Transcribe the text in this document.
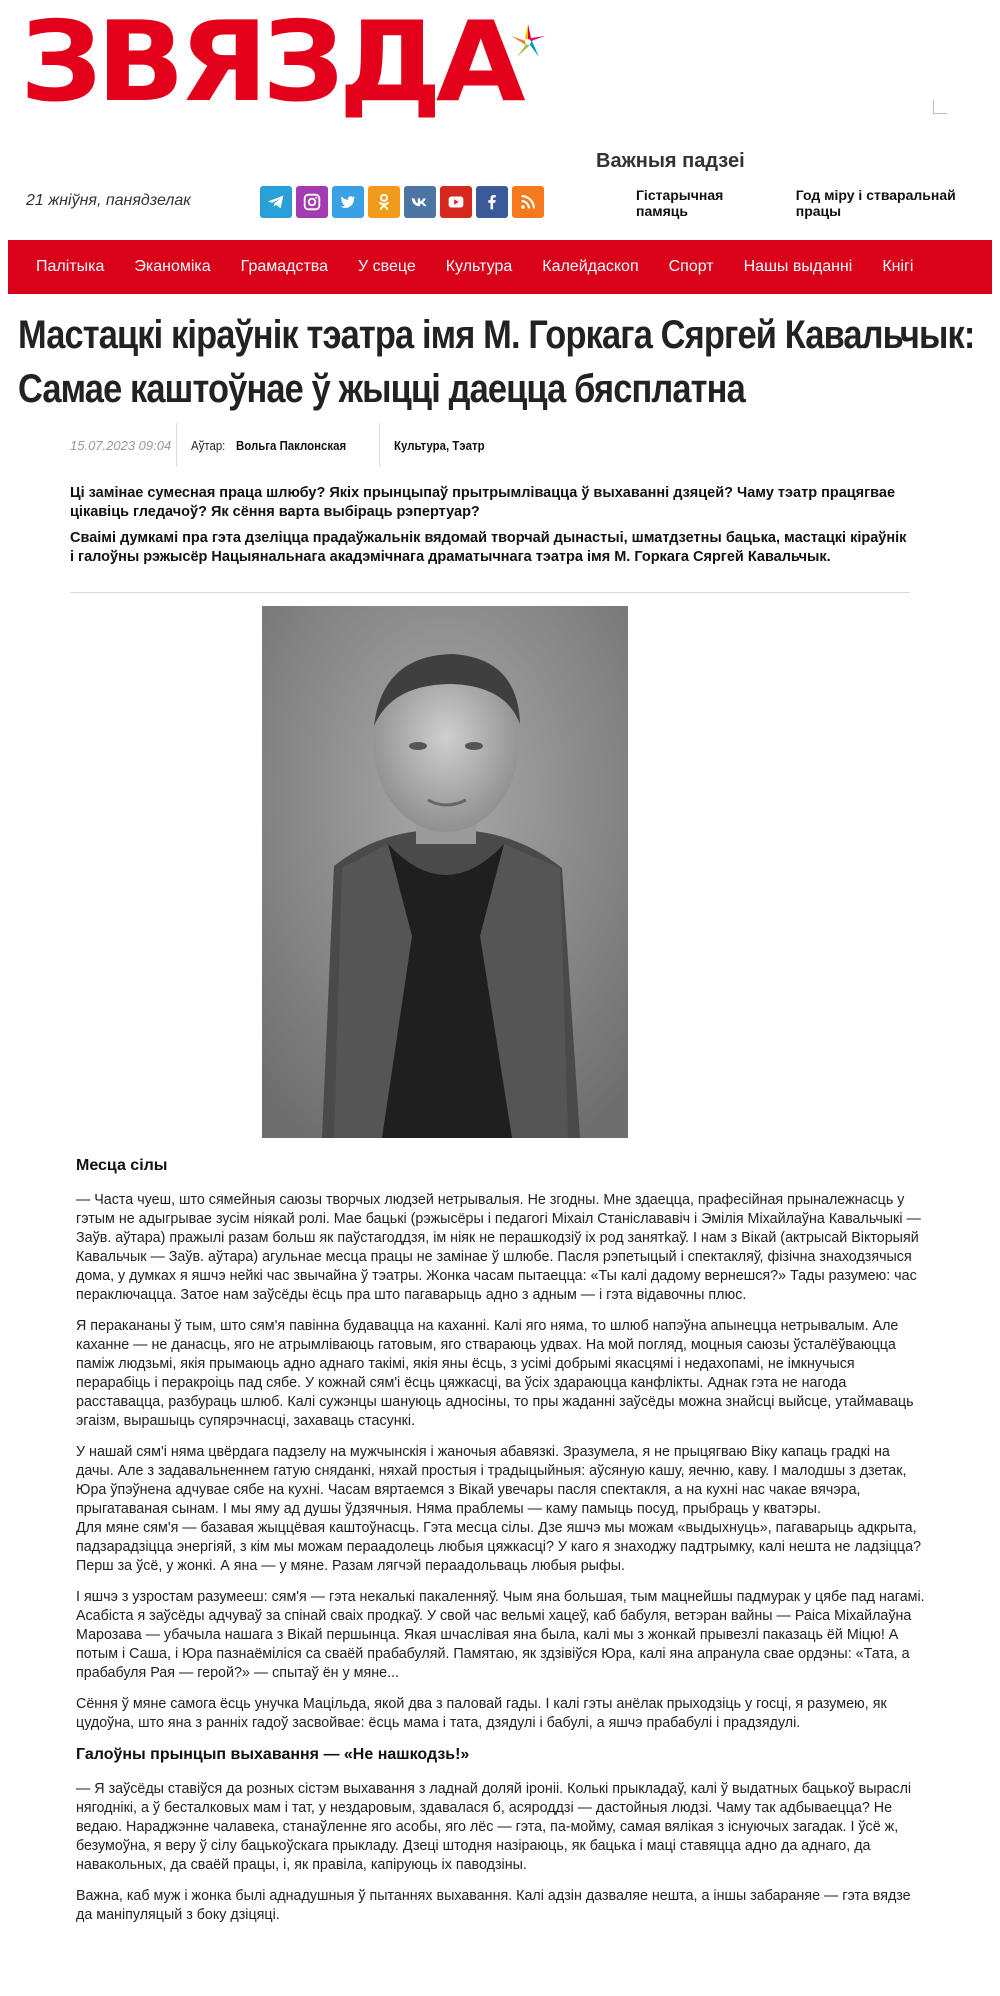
ЗВЯЗДА
21 жніўня, панядзелак
Важныя падзеі
Гістарычная памяць
Год міру і стваральнай працы
Палітыка Эканоміка Грамадства У свеце Культура Калейдаскоп Спорт Нашы выданні Кнігі
Мастацкі кіраўнік тэатра імя М. Горкага Сяргей Кавальчык:
Самае каштоўнае ў жыцці даецца бясплатна
15.07.2023 09:04	Аўтар: Вольга Паклонская	Культура, Тэатр

Ці замінае сумесная праца шлюбу? Якіх прынцыпаў прытрымлівацца ў выхаванні дзяцей? Чаму тэатр працягвае цікавіць гледачоў? Як сёння варта выбіраць рэпертуар?

Сваімі думкамі пра гэта дзеліцца прадаўжальнік вядомай творчай дынастыі, шматдзетны бацька, мастацкі кіраўнік і галоўны рэжысёр Нацыянальнага акадэмічнага драматычнага тэатра імя М. Горкага Сяргей Кавальчык.

Месца сілы

— Часта чуеш, што сямейныя саюзы творчых людзей нетрывалыя. Не згодны. Мне здаецца, прафесійная прыналежнасць у гэтым не адыгрывае зусім ніякай ролі. Мае бацькі (рэжысёры і педагогі Міхаіл Станіслававіч і Эмілія Міхайлаўна Кавальчыкі — Заўв. аўтара) пражылі разам больш як паўстагоддзя, ім ніяк не перашкодзіў іх род занятkaў. І нам з Вікай (актрысай Вікторыяй Кавальчык — Заўв. аўтара) агульнае месца працы не замінае ў шлюбе. Пасля рэпетыцый і спектакляў, фізічна знаходзячыся дома, у думках я яшчэ нейкі час звычайна ў тэатры. Жонка часам пытаецца: «Ты калі дадому вернешся?» Тады разумею: час пераключацца. Затое нам заўсёды ёсць пра што пагаварыць адно з адным — і гэта відавочны плюс.

Я перакананы ў тым, што сям'я павінна будавацца на каханні. Калі яго няма, то шлюб напэўна апынецца нетрывалым. Але каханне — не данасць, яго не атрымліваюць гатовым, яго ствараюць удвах. На мой погляд, моцныя саюзы ўсталёўваюцца паміж людзьмі, якія прымаюць адно аднаго такімі, якія яны ёсць, з усімі добрымі якасцямі і недахопамі, не імкнучыся перарабіць і перакроіць пад сябе. У кожнай сям'і ёсць цяжкасці, ва ўсіх здараюцца канфлікты. Аднак гэта не нагода расставацца, разбураць шлюб. Калі сужэнцы шануюць адносіны, то пры жаданні заўсёды можна знайсці выйсце, утаймаваць эгаізм, вырашыць супярэчнасці, захаваць стасункі.

У нашай сям'і няма цвёрдага падзелу на мужчынскія і жаночыя абавязкі. Зразумела, я не прыцягваю Віку капаць градкі на дачы. Але з задавальненнем гатую сняданкі, няхай простыя і традыцыйныя: аўсяную кашу, яечню, каву. І малодшы з дзетак, Юра ўпэўнена адчувае сябе на кухні. Часам вяртаемся з Вікай увечары пасля спектакля, а на кухні нас чакае вячэра, прыгатаваная сынам. І мы яму ад душы ўдзячныя. Няма праблемы — каму памыць посуд, прыбраць у кватэры.
Для мяне сям'я — базавая жыццёвая каштоўнасць. Гэта месца сілы. Дзе яшчэ мы можам «выдыхнуць», пагаварыць адкрыта, падзарадзіцца энергіяй, з кім мы можам пераадолець любыя цяжкасці? У каго я знаходжу падтрымку, калі нешта не ладзіцца? Перш за ўсё, у жонкі. А яна — у мяне. Разам лягчэй пераадольваць любыя рыфы.

І яшчэ з узростам разумееш: сям'я — гэта некалькі пакаленняў. Чым яна большая, тым мацнейшы падмурак у цябе пад нагамі. Асабіста я заўсёды адчуваў за спінай сваіх продкаў. У свой час вельмі хацеў, каб бабуля, ветэран вайны — Раіса Міхайлаўна Марозава — убачыла нашага з Вікай першынца. Якая шчаслівая яна была, калі мы з жонкай прывезлі паказаць ёй Міцю! А потым і Саша, і Юра пазнаёміліся са сваёй прабабуляй. Памятаю, як здзівіўся Юра, калі яна апранула свае ордэны: «Тата, а прабабуля Рая — герой?» — спытаў ён у мяне...

Сёння ў мяне самога ёсць унучка Мацільда, якой два з паловай гады. І калі гэты анёлак прыходзіць у госці, я разумею, як цудоўна, што яна з ранніх гадоў засвойвае: ёсць мама і тата, дзядулі і бабулі, а яшчэ прабабулі і прадзядулі.

Галоўны прынцып выхавання — «Не нашкодзь!»

— Я заўсёды ставіўся да розных сістэм выхавання з ладнай доляй іроніі. Колькі прыкладаў, калі ў выдатных бацькоў выраслі нягоднікі, а ў бесталковых мам і тат, у нездаровым, здавалася б, асяроддзі — дастойныя людзі. Чаму так адбываецца? Не ведаю. Нараджэнне чалавека, станаўленне яго асобы, яго лёс — гэта, па-мойму, самая вялікая з існуючых загадак. І ўсё ж, безумоўна, я веру ў сілу бацькоўскага прыкладу. Дзеці штодня назіраюць, як бацька і маці ставяцца адно да аднаго, да навакольных, да сваёй працы, і, як правіла, капіруюць іх паводзіны.

Важна, каб муж і жонка былі аднадушныя ў пытаннях выхавання. Калі адзін дазваляе нешта, а іншы забараняе — гэта вядзе да маніпуляцый з боку дзіцяці.
